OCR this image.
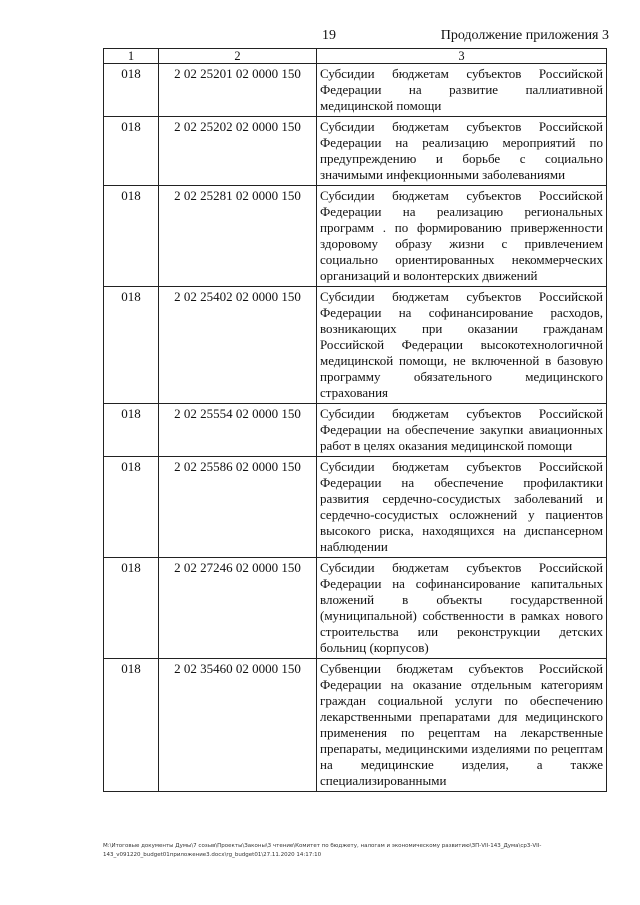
19	Продолжение приложения 3
1	2	3
018	2 02 25201 02 0000 150	Субсидии бюджетам субъектов Российской Федерации на развитие паллиативной медицинской помощи
018	2 02 25202 02 0000 150	Субсидии бюджетам субъектов Российской Федерации на реализацию мероприятий по предупреждению и борьбе с социально значимыми инфекционными заболеваниями
018	2 02 25281 02 0000 150	Субсидии бюджетам субъектов Российской Федерации на реализацию региональных программ . по формированию приверженности здоровому образу жизни с привлечением социально ориентированных некоммерческих организаций и волонтерских движений
018	2 02 25402 02 0000 150	Субсидии бюджетам субъектов Российской Федерации на софинансирование расходов, возникающих при оказании гражданам Российской Федерации высокотехнологичной медицинской помощи, не включенной в базовую программу обязательного медицинского страхования
018	2 02 25554 02 0000 150	Субсидии бюджетам субъектов Российской Федерации на обеспечение закупки авиационных работ в целях оказания медицинской помощи
018	2 02 25586 02 0000 150	Субсидии бюджетам субъектов Российской Федерации на обеспечение профилактики развития сердечно-сосудистых заболеваний и сердечно-сосудистых осложнений у пациентов высокого риска, находящихся на диспансерном наблюдении
018	2 02 27246 02 0000 150	Субсидии бюджетам субъектов Российской Федерации на софинансирование капитальных вложений в объекты государственной (муниципальной) собственности в рамках нового строительства или реконструкции детских больниц (корпусов)
018	2 02 35460 02 0000 150	Субвенции бюджетам субъектов Российской Федерации на оказание отдельным категориям граждан социальной услуги по обеспечению лекарственными препаратами для медицинского применения по рецептам на лекарственные препараты, медицинскими изделиями по рецептам на медицинские изделия, а также специализированными
М:\Итоговые документы Думы\7 созыв\Проекты\Законы\3 чтение\Комитет по бюджету, налогам и экономическому развитию\ЗП-VII-143_Дума\ср3-VII-143_v091220_budget01приложение3.docx\rg_budget01\27.11.2020 14:17:10
